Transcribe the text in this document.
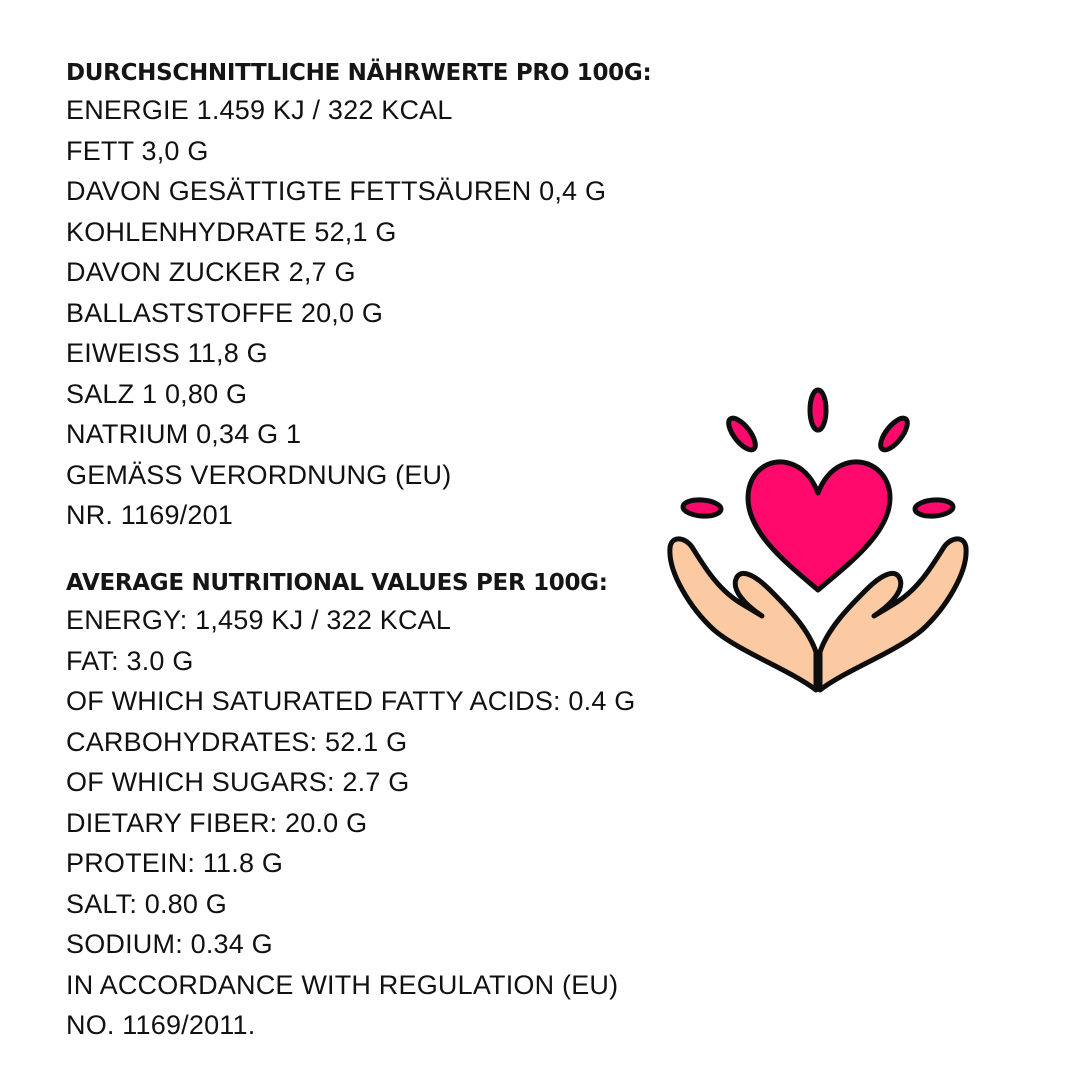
DURCHSCHNITTLICHE NÄHRWERTE PRO 100G:
ENERGIE 1.459 KJ / 322 KCAL
FETT 3,0 G
DAVON GESÄTTIGTE FETTSÄUREN 0,4 G
KOHLENHYDRATE 52,1 G
DAVON ZUCKER 2,7 G
BALLASTSTOFFE 20,0 G
EIWEISS 11,8 G
SALZ 1 0,80 G
NATRIUM 0,34 G 1
GEMÄSS VERORDNUNG (EU)
NR. 1169/201
AVERAGE NUTRITIONAL VALUES PER 100G:
ENERGY: 1,459 KJ / 322 KCAL
FAT: 3.0 G
OF WHICH SATURATED FATTY ACIDS: 0.4 G
CARBOHYDRATES: 52.1 G
OF WHICH SUGARS: 2.7 G
DIETARY FIBER: 20.0 G
PROTEIN: 11.8 G
SALT: 0.80 G
SODIUM: 0.34 G
IN ACCORDANCE WITH REGULATION (EU)
NO. 1169/2011.
